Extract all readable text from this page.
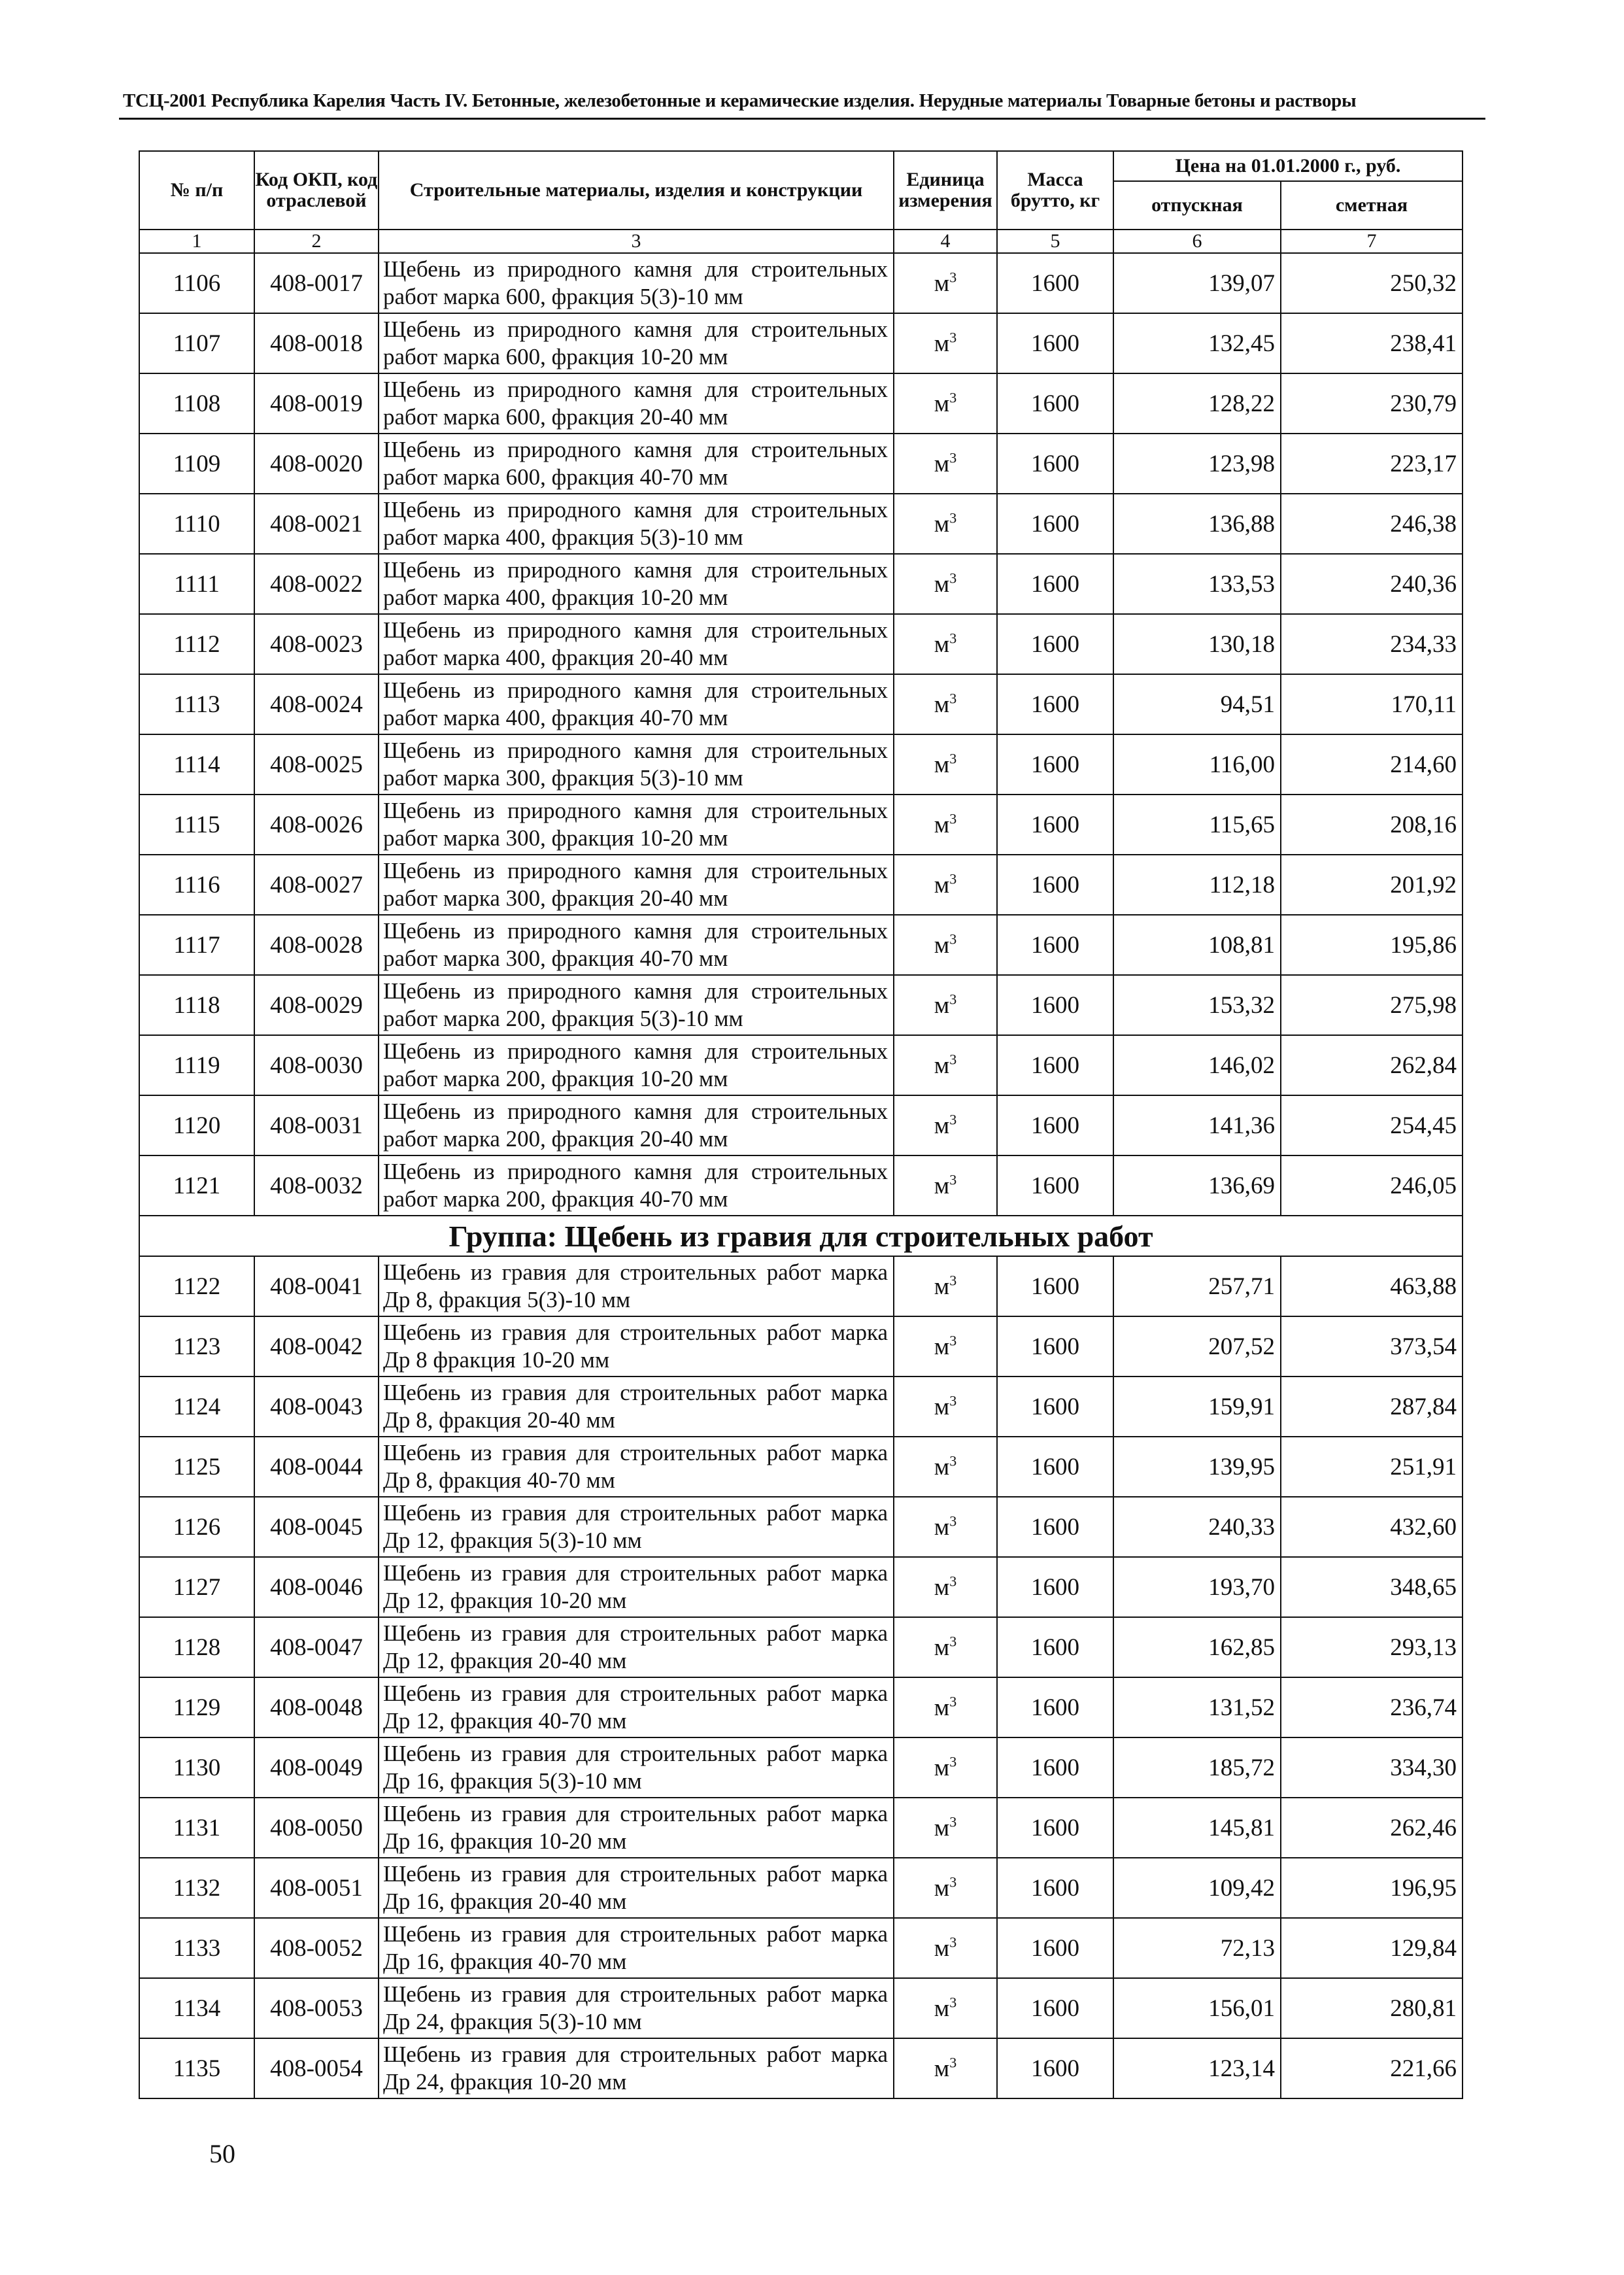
ТСЦ-2001 Республика Карелия Часть IV. Бетонные, железобетонные и керамические изделия. Нерудные материалы Товарные бетоны и растворы
№ п/п	Код ОКП, код отраслевой	Строительные материалы, изделия и конструкции	Единица измерения	Масса брутто, кг	Цена на 01.01.2000 г., руб.	
					отпускная	сметная
1	2	3	4	5	6	7
1106	408-0017	Щебень из природного камня для строительных работ марка 600, фракция 5(3)-10 мм	$м^3$	1600	139,07	250,32
1107	408-0018	Щебень из природного камня для строительных работ марка 600, фракция 10-20 мм	$м^3$	1600	132,45	238,41
1108	408-0019	Щебень из природного камня для строительных работ марка 600, фракция 20-40 мм	$м^3$	1600	128,22	230,79
1109	408-0020	Щебень из природного камня для строительных работ марка 600, фракция 40-70 мм	$м^3$	1600	123,98	223,17
1110	408-0021	Щебень из природного камня для строительных работ марка 400, фракция 5(3)-10 мм	$м^3$	1600	136,88	246,38
1111	408-0022	Щебень из природного камня для строительных работ марка 400, фракция 10-20 мм	$м^3$	1600	133,53	240,36
1112	408-0023	Щебень из природного камня для строительных работ марка 400, фракция 20-40 мм	$м^3$	1600	130,18	234,33
1113	408-0024	Щебень из природного камня для строительных работ марка 400, фракция 40-70 мм	$м^3$	1600	94,51	170,11
1114	408-0025	Щебень из природного камня для строительных работ марка 300, фракция 5(3)-10 мм	$м^3$	1600	116,00	214,60
1115	408-0026	Щебень из природного камня для строительных работ марка 300, фракция 10-20 мм	$м^3$	1600	115,65	208,16
1116	408-0027	Щебень из природного камня для строительных работ марка 300, фракция 20-40 мм	$м^3$	1600	112,18	201,92
1117	408-0028	Щебень из природного камня для строительных работ марка 300, фракция 40-70 мм	$м^3$	1600	108,81	195,86
1118	408-0029	Щебень из природного камня для строительных работ марка 200, фракция 5(3)-10 мм	$м^3$	1600	153,32	275,98
1119	408-0030	Щебень из природного камня для строительных работ марка 200, фракция 10-20 мм	$м^3$	1600	146,02	262,84
1120	408-0031	Щебень из природного камня для строительных работ марка 200, фракция 20-40 мм	$м^3$	1600	141,36	254,45
1121	408-0032	Щебень из природного камня для строительных работ марка 200, фракция 40-70 мм	$м^3$	1600	136,69	246,05
Группа: Щебень из гравия для строительных работ						
1122	408-0041	Щебень из гравия для строительных работ марка Др 8, фракция 5(3)-10 мм	$м^3$	1600	257,71	463,88
1123	408-0042	Щебень из гравия для строительных работ марка Др 8 фракция 10-20 мм	$м^3$	1600	207,52	373,54
1124	408-0043	Щебень из гравия для строительных работ марка Др 8, фракция 20-40 мм	$м^3$	1600	159,91	287,84
1125	408-0044	Щебень из гравия для строительных работ марка Др 8, фракция 40-70 мм	$м^3$	1600	139,95	251,91
1126	408-0045	Щебень из гравия для строительных работ марка Др 12, фракция 5(3)-10 мм	$м^3$	1600	240,33	432,60
1127	408-0046	Щебень из гравия для строительных работ марка Др 12, фракция 10-20 мм	$м^3$	1600	193,70	348,65
1128	408-0047	Щебень из гравия для строительных работ марка Др 12, фракция 20-40 мм	$м^3$	1600	162,85	293,13
1129	408-0048	Щебень из гравия для строительных работ марка Др 12, фракция 40-70 мм	$м^3$	1600	131,52	236,74
1130	408-0049	Щебень из гравия для строительных работ марка Др 16, фракция 5(3)-10 мм	$м^3$	1600	185,72	334,30
1131	408-0050	Щебень из гравия для строительных работ марка Др 16, фракция 10-20 мм	$м^3$	1600	145,81	262,46
1132	408-0051	Щебень из гравия для строительных работ марка Др 16, фракция 20-40 мм	$м^3$	1600	109,42	196,95
1133	408-0052	Щебень из гравия для строительных работ марка Др 16, фракция 40-70 мм	$м^3$	1600	72,13	129,84
1134	408-0053	Щебень из гравия для строительных работ марка Др 24, фракция 5(3)-10 мм	$м^3$	1600	156,01	280,81
1135	408-0054	Щебень из гравия для строительных работ марка Др 24, фракция 10-20 мм	$м^3$	1600	123,14	221,66
50
